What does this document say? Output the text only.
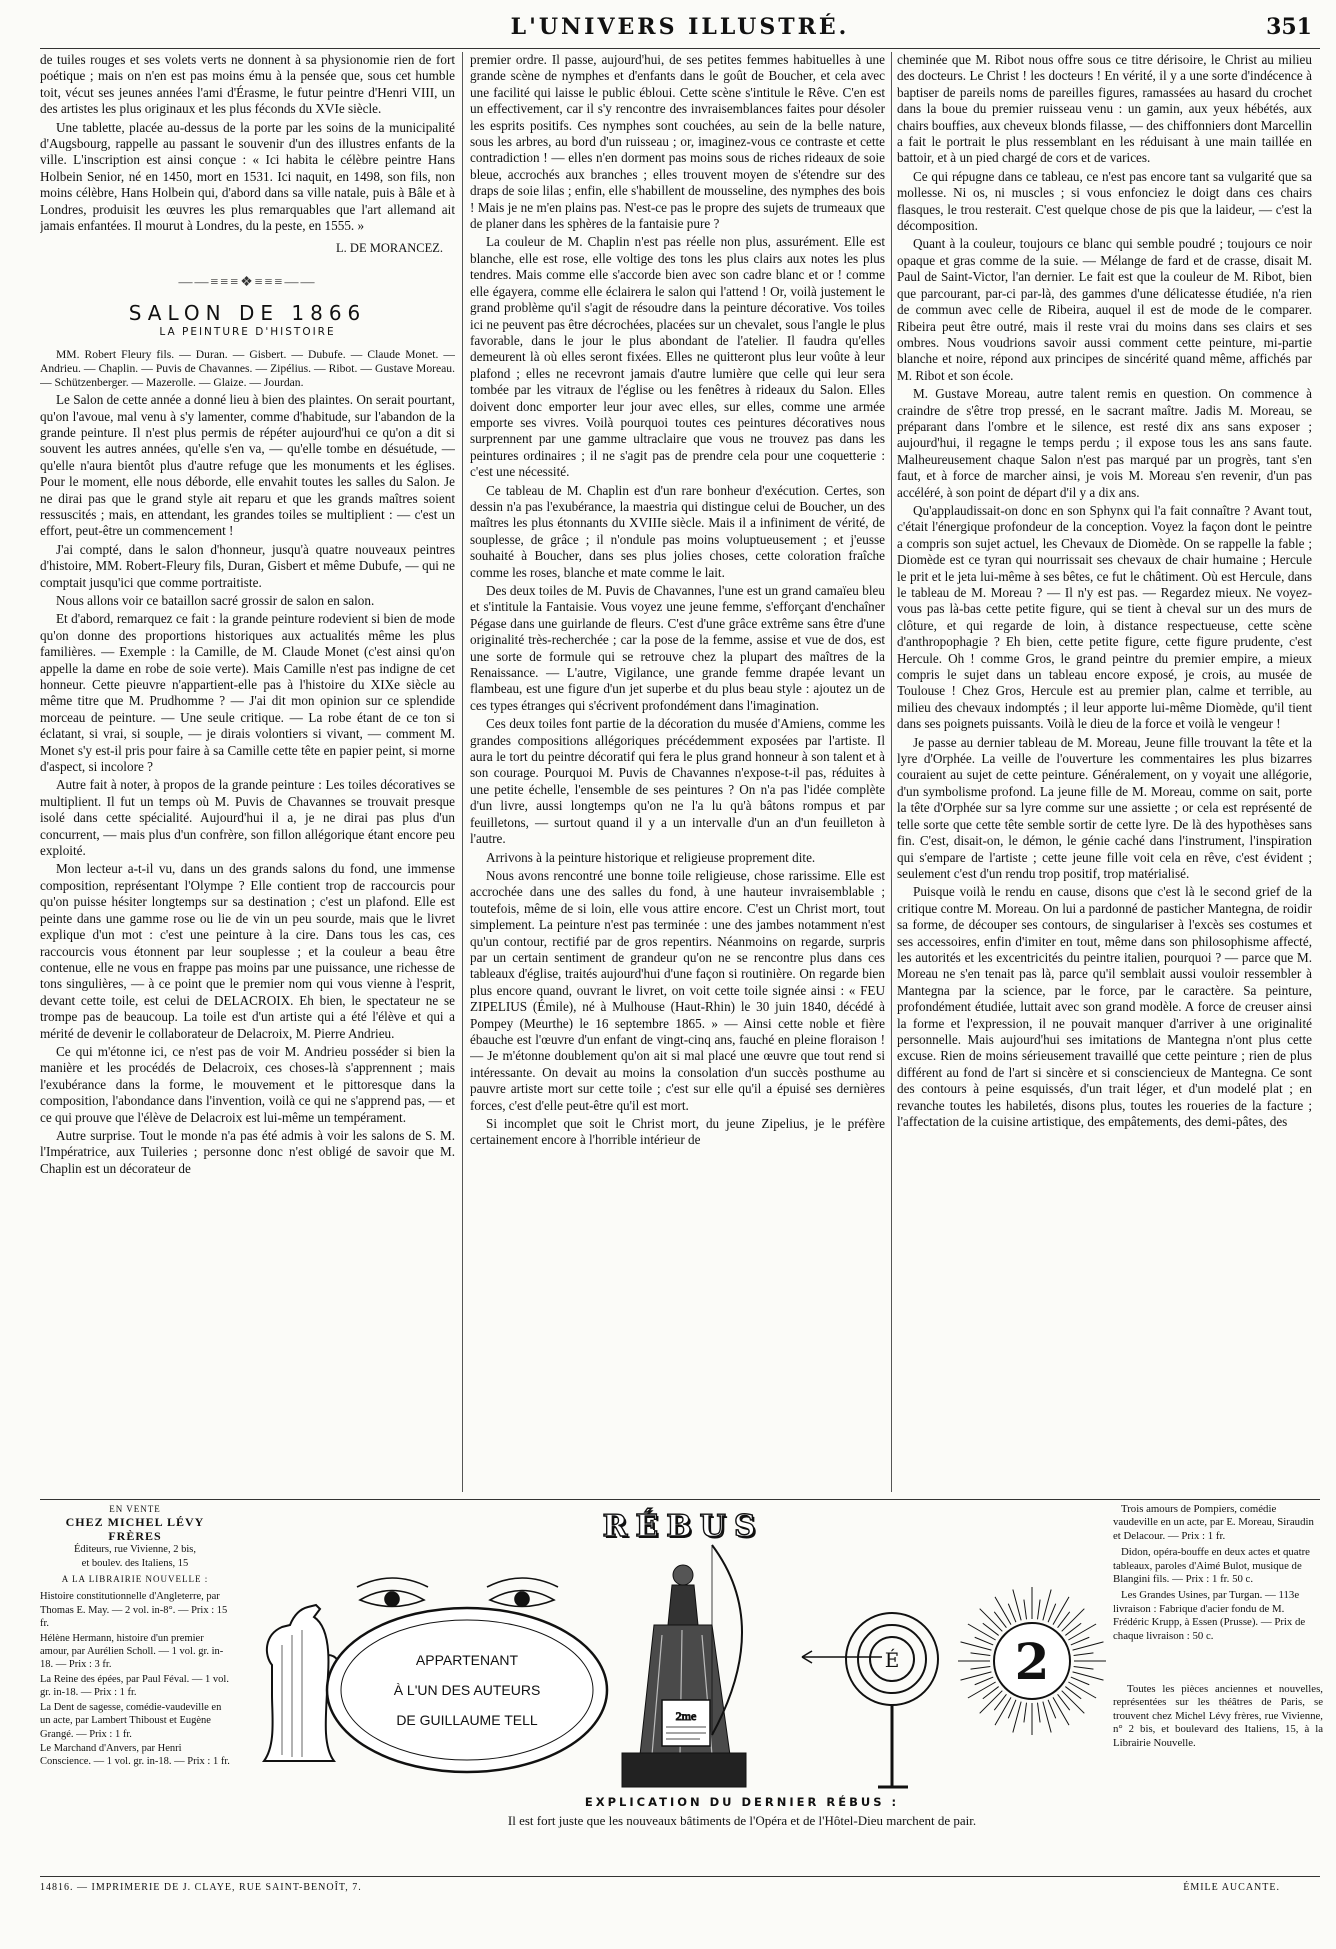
L'UNIVERS ILLUSTRÉ.	351

de tuiles rouges et ses volets verts ne donnent à sa physionomie rien de fort poétique ; mais on n'en est pas moins ému à la pensée que, sous cet humble toit, vécut ses jeunes années l'ami d'Érasme, le futur peintre d'Henri VIII, un des artistes les plus originaux et les plus féconds du XVIe siècle.

Une tablette, placée au-dessus de la porte par les soins de la municipalité d'Augsbourg, rappelle au passant le souvenir d'un des illustres enfants de la ville. L'inscription est ainsi conçue : « Ici habita le célèbre peintre Hans Holbein Senior, né en 1450, mort en 1531. Ici naquit, en 1498, son fils, non moins célèbre, Hans Holbein qui, d'abord dans sa ville natale, puis à Bâle et à Londres, produisit les œuvres les plus remarquables que l'art allemand ait jamais enfantées. Il mourut à Londres, du la peste, en 1555. »

L. DE MORANCEZ.
——≡≡≡❖≡≡≡——
SALON DE 1866
LA PEINTURE D'HISTOIRE

MM. Robert Fleury fils. — Duran. — Gisbert. — Dubufe. — Claude Monet. — Andrieu. — Chaplin. — Puvis de Chavannes. — Zipélius. — Ribot. — Gustave Moreau. — Schützenberger. — Mazerolle. — Glaize. — Jourdan.

Le Salon de cette année a donné lieu à bien des plaintes. On serait pourtant, qu'on l'avoue, mal venu à s'y lamenter, comme d'habitude, sur l'abandon de la grande peinture. Il n'est plus permis de répéter aujourd'hui ce qu'on a dit si souvent les autres années, qu'elle s'en va, — qu'elle tombe en désuétude, — qu'elle n'aura bientôt plus d'autre refuge que les monuments et les églises. Pour le moment, elle nous déborde, elle envahit toutes les salles du Salon. Je ne dirai pas que le grand style ait reparu et que les grands maîtres soient ressuscités ; mais, en attendant, les grandes toiles se multiplient : — c'est un effort, peut-être un commencement !

J'ai compté, dans le salon d'honneur, jusqu'à quatre nouveaux peintres d'histoire, MM. Robert-Fleury fils, Duran, Gisbert et même Dubufe, — qui ne comptait jusqu'ici que comme portraitiste.

Nous allons voir ce bataillon sacré grossir de salon en salon.

Et d'abord, remarquez ce fait : la grande peinture rodevient si bien de mode qu'on donne des proportions historiques aux actualités même les plus familières. — Exemple : la Camille, de M. Claude Monet (c'est ainsi qu'on appelle la dame en robe de soie verte). Mais Camille n'est pas indigne de cet honneur. Cette pieuvre n'appartient-elle pas à l'histoire du XIXe siècle au même titre que M. Prudhomme ? — J'ai dit mon opinion sur ce splendide morceau de peinture. — Une seule critique. — La robe étant de ce ton si éclatant, si vrai, si souple, — je dirais volontiers si vivant, — comment M. Monet s'y est-il pris pour faire à sa Camille cette tête en papier peint, si morne d'aspect, si incolore ?

Autre fait à noter, à propos de la grande peinture : Les toiles décoratives se multiplient. Il fut un temps où M. Puvis de Chavannes se trouvait presque isolé dans cette spécialité. Aujourd'hui il a, je ne dirai pas plus d'un concurrent, — mais plus d'un confrère, son fillon allégorique étant encore peu exploité.

Mon lecteur a-t-il vu, dans un des grands salons du fond, une immense composition, représentant l'Olympe ? Elle contient trop de raccourcis pour qu'on puisse hésiter longtemps sur sa destination ; c'est un plafond. Elle est peinte dans une gamme rose ou lie de vin un peu sourde, mais que le livret explique d'un mot : c'est une peinture à la cire. Dans tous les cas, ces raccourcis vous étonnent par leur souplesse ; et la couleur a beau être contenue, elle ne vous en frappe pas moins par une puissance, une richesse de tons singulières, — à ce point que le premier nom qui vous vienne à l'esprit, devant cette toile, est celui de DELACROIX. Eh bien, le spectateur ne se trompe pas de beaucoup. La toile est d'un artiste qui a été l'élève et qui a mérité de devenir le collaborateur de Delacroix, M. Pierre Andrieu.

Ce qui m'étonne ici, ce n'est pas de voir M. Andrieu posséder si bien la manière et les procédés de Delacroix, ces choses-là s'apprennent ; mais l'exubérance dans la forme, le mouvement et le pittoresque dans la composition, l'abondance dans l'invention, voilà ce qui ne s'apprend pas, — et ce qui prouve que l'élève de Delacroix est lui-même un tempérament.

Autre surprise. Tout le monde n'a pas été admis à voir les salons de S. M. l'Impératrice, aux Tuileries ; personne donc n'est obligé de savoir que M. Chaplin est un décorateur de

premier ordre. Il passe, aujourd'hui, de ses petites femmes habituelles à une grande scène de nymphes et d'enfants dans le goût de Boucher, et cela avec une facilité qui laisse le public ébloui. Cette scène s'intitule le Rêve. C'en est un effectivement, car il s'y rencontre des invraisemblances faites pour désoler les esprits positifs. Ces nymphes sont couchées, au sein de la belle nature, sous les arbres, au bord d'un ruisseau ; or, imaginez-vous ce contraste et cette contradiction ! — elles n'en dorment pas moins sous de riches rideaux de soie bleue, accrochés aux branches ; elles trouvent moyen de s'étendre sur des draps de soie lilas ; enfin, elle s'habillent de mousseline, des nymphes des bois ! Mais je ne m'en plains pas. N'est-ce pas le propre des sujets de trumeaux que de planer dans les sphères de la fantaisie pure ?

La couleur de M. Chaplin n'est pas réelle non plus, assurément. Elle est blanche, elle est rose, elle voltige des tons les plus clairs aux notes les plus tendres. Mais comme elle s'accorde bien avec son cadre blanc et or ! comme elle égayera, comme elle éclairera le salon qui l'attend ! Or, voilà justement le grand problème qu'il s'agit de résoudre dans la peinture décorative. Vos toiles ici ne peuvent pas être décrochées, placées sur un chevalet, sous l'angle le plus favorable, dans le jour le plus abondant de l'atelier. Il faudra qu'elles demeurent là où elles seront fixées. Elles ne quitteront plus leur voûte à leur plafond ; elles ne recevront jamais d'autre lumière que celle qui leur sera tombée par les vitraux de l'église ou les fenêtres à rideaux du Salon. Elles doivent donc emporter leur jour avec elles, sur elles, comme une armée emporte ses vivres. Voilà pourquoi toutes ces peintures décoratives nous surprennent par une gamme ultraclaire que vous ne trouvez pas dans les peintures ordinaires ; il ne s'agit pas de prendre cela pour une coquetterie : c'est une nécessité.

Ce tableau de M. Chaplin est d'un rare bonheur d'exécution. Certes, son dessin n'a pas l'exubérance, la maestria qui distingue celui de Boucher, un des maîtres les plus étonnants du XVIIIe siècle. Mais il a infiniment de vérité, de souplesse, de grâce ; il n'ondule pas moins voluptueusement ; et j'eusse souhaité à Boucher, dans ses plus jolies choses, cette coloration fraîche comme les roses, blanche et mate comme le lait.

Des deux toiles de M. Puvis de Chavannes, l'une est un grand camaïeu bleu et s'intitule la Fantaisie. Vous voyez une jeune femme, s'efforçant d'enchaîner Pégase dans une guirlande de fleurs. C'est d'une grâce extrême sans être d'une originalité très-recherchée ; car la pose de la femme, assise et vue de dos, est une sorte de formule qui se retrouve chez la plupart des maîtres de la Renaissance. — L'autre, Vigilance, une grande femme drapée levant un flambeau, est une figure d'un jet superbe et du plus beau style : ajoutez un de ces types étranges qui s'écrivent profondément dans l'imagination.

Ces deux toiles font partie de la décoration du musée d'Amiens, comme les grandes compositions allégoriques précédemment exposées par l'artiste. Il aura le tort du peintre décoratif qui fera le plus grand honneur à son talent et à son courage. Pourquoi M. Puvis de Chavannes n'expose-t-il pas, réduites à une petite échelle, l'ensemble de ses peintures ? On n'a pas l'idée complète d'un livre, aussi longtemps qu'on ne l'a lu qu'à bâtons rompus et par feuilletons, — surtout quand il y a un intervalle d'un an d'un feuilleton à l'autre.

Arrivons à la peinture historique et religieuse proprement dite.

Nous avons rencontré une bonne toile religieuse, chose rarissime. Elle est accrochée dans une des salles du fond, à une hauteur invraisemblable ; toutefois, même de si loin, elle vous attire encore. C'est un Christ mort, tout simplement. La peinture n'est pas terminée : une des jambes notamment n'est qu'un contour, rectifié par de gros repentirs. Néanmoins on regarde, surpris par un certain sentiment de grandeur qu'on ne se rencontre plus dans ces tableaux d'église, traités aujourd'hui d'une façon si routinière. On regarde bien plus encore quand, ouvrant le livret, on voit cette toile signée ainsi : « FEU ZIPELIUS (Émile), né à Mulhouse (Haut-Rhin) le 30 juin 1840, décédé à Pompey (Meurthe) le 16 septembre 1865. » — Ainsi cette noble et fière ébauche est l'œuvre d'un enfant de vingt-cinq ans, fauché en pleine floraison ! — Je m'étonne doublement qu'on ait si mal placé une œuvre que tout rend si intéressante. On devait au moins la consolation d'un succès posthume au pauvre artiste mort sur cette toile ; c'est sur elle qu'il a épuisé ses dernières forces, c'est d'elle peut-être qu'il est mort.

Si incomplet que soit le Christ mort, du jeune Zipelius, je le préfère certainement encore à l'horrible intérieur de

cheminée que M. Ribot nous offre sous ce titre dérisoire, le Christ au milieu des docteurs. Le Christ ! les docteurs ! En vérité, il y a une sorte d'indécence à baptiser de pareils noms de pareilles figures, ramassées au hasard du crochet dans la boue du premier ruisseau venu : un gamin, aux yeux hébétés, aux chairs bouffies, aux cheveux blonds filasse, — des chiffonniers dont Marcellin a fait le portrait le plus ressemblant en les réduisant à une main taillée en battoir, et à un pied chargé de cors et de varices.

Ce qui répugne dans ce tableau, ce n'est pas encore tant sa vulgarité que sa mollesse. Ni os, ni muscles ; si vous enfonciez le doigt dans ces chairs flasques, le trou resterait. C'est quelque chose de pis que la laideur, — c'est la décomposition.

Quant à la couleur, toujours ce blanc qui semble poudré ; toujours ce noir opaque et gras comme de la suie. — Mélange de fard et de crasse, disait M. Paul de Saint-Victor, l'an dernier. Le fait est que la couleur de M. Ribot, bien que parcourant, par-ci par-là, des gammes d'une délicatesse étudiée, n'a rien de commun avec celle de Ribeira, auquel il est de mode de le comparer. Ribeira peut être outré, mais il reste vrai du moins dans ses clairs et ses ombres. Nous voudrions savoir aussi comment cette peinture, mi-partie blanche et noire, répond aux principes de sincérité quand même, affichés par M. Ribot et son école.

M. Gustave Moreau, autre talent remis en question. On commence à craindre de s'être trop pressé, en le sacrant maître. Jadis M. Moreau, se préparant dans l'ombre et le silence, est resté dix ans sans exposer ; aujourd'hui, il regagne le temps perdu ; il expose tous les ans sans faute. Malheureusement chaque Salon n'est pas marqué par un progrès, tant s'en faut, et à force de marcher ainsi, je vois M. Moreau s'en revenir, d'un pas accéléré, à son point de départ d'il y a dix ans.

Qu'applaudissait-on donc en son Sphynx qui l'a fait connaître ? Avant tout, c'était l'énergique profondeur de la conception. Voyez la façon dont le peintre a compris son sujet actuel, les Chevaux de Diomède. On se rappelle la fable ; Diomède est ce tyran qui nourrissait ses chevaux de chair humaine ; Hercule le prit et le jeta lui-même à ses bêtes, ce fut le châtiment. Où est Hercule, dans le tableau de M. Moreau ? — Il n'y est pas. — Regardez mieux. Ne voyez-vous pas là-bas cette petite figure, qui se tient à cheval sur un des murs de clôture, et qui regarde de loin, à distance respectueuse, cette scène d'anthropophagie ? Eh bien, cette petite figure, cette figure prudente, c'est Hercule. Oh ! comme Gros, le grand peintre du premier empire, a mieux compris le sujet dans un tableau encore exposé, je crois, au musée de Toulouse ! Chez Gros, Hercule est au premier plan, calme et terrible, au milieu des chevaux indomptés ; il leur apporte lui-même Diomède, qu'il tient dans ses poignets puissants. Voilà le dieu de la force et voilà le vengeur !

Je passe au dernier tableau de M. Moreau, Jeune fille trouvant la tête et la lyre d'Orphée. La veille de l'ouverture les commentaires les plus bizarres couraient au sujet de cette peinture. Généralement, on y voyait une allégorie, d'un symbolisme profond. La jeune fille de M. Moreau, comme on sait, porte la tête d'Orphée sur sa lyre comme sur une assiette ; or cela est représenté de telle sorte que cette tête semble sortir de cette lyre. De là des hypothèses sans fin. C'est, disait-on, le démon, le génie caché dans l'instrument, l'inspiration qui s'empare de l'artiste ; cette jeune fille voit cela en rêve, c'est évident ; seulement c'est d'un rendu trop positif, trop matérialisé.

Puisque voilà le rendu en cause, disons que c'est là le second grief de la critique contre M. Moreau. On lui a pardonné de pasticher Mantegna, de roidir sa forme, de découper ses contours, de singulariser à l'excès ses costumes et ses accessoires, enfin d'imiter en tout, même dans son philosophisme affecté, les autorités et les excentricités du peintre italien, pourquoi ? — parce que M. Moreau ne s'en tenait pas là, parce qu'il semblait aussi vouloir ressembler à Mantegna par la science, par le force, par le caractère. Sa peinture, profondément étudiée, luttait avec son grand modèle. A force de creuser ainsi la forme et l'expression, il ne pouvait manquer d'arriver à une originalité personnelle. Mais aujourd'hui ses imitations de Mantegna n'ont plus cette excuse. Rien de moins sérieusement travaillé que cette peinture ; rien de plus différent au fond de l'art si sincère et si consciencieux de Mantegna. Ce sont des contours à peine esquissés, d'un trait léger, et d'un modelé plat ; en revanche toutes les habiletés, disons plus, toutes les roueries de la facture ; l'affectation de la cuisine artistique, des empâtements, des demi-pâtes, des

EN VENTE
CHEZ MICHEL LÉVY FRÈRES
Éditeurs, rue Vivienne, 2 bis,
et boulev. des Italiens, 15
A LA LIBRAIRIE NOUVELLE :

Histoire constitutionnelle d'Angleterre, par Thomas E. May. — 2 vol. in-8°. — Prix : 15 fr.

Hélène Hermann, histoire d'un premier amour, par Aurélien Scholl. — 1 vol. gr. in-18. — Prix : 3 fr.

La Reine des épées, par Paul Féval. — 1 vol. gr. in-18. — Prix : 1 fr.

La Dent de sagesse, comédie-vaudeville en un acte, par Lambert Thiboust et Eugène Grangé. — Prix : 1 fr.

Le Marchand d'Anvers, par Henri Conscience. — 1 vol. gr. in-18. — Prix : 1 fr.

APPARTENANT
À L'UN DES AUTEURS
DE GUILLAUME TELL	2me
É 2
RÉBUS
EXPLICATION DU DERNIER RÉBUS :
Il est fort juste que les nouveaux bâtiments de l'Opéra et de l'Hôtel-Dieu marchent de pair.

Trois amours de Pompiers, comédie vaudeville en un acte, par E. Moreau, Siraudin et Delacour. — Prix : 1 fr.

Didon, opéra-bouffe en deux actes et quatre tableaux, paroles d'Aimé Bulot, musique de Blangini fils. — Prix : 1 fr. 50 c.

Les Grandes Usines, par Turgan. — 113e livraison : Fabrique d'acier fondu de M. Frédéric Krupp, à Essen (Prusse). — Prix de chaque livraison : 50 c.

Toutes les pièces anciennes et nouvelles, représentées sur les théâtres de Paris, se trouvent chez Michel Lévy frères, rue Vivienne, n° 2 bis, et boulevard des Italiens, 15, à la Librairie Nouvelle.

14816. — IMPRIMERIE DE J. CLAYE, RUE SAINT-BENOÎT, 7.	ÉMILE AUCANTE.
